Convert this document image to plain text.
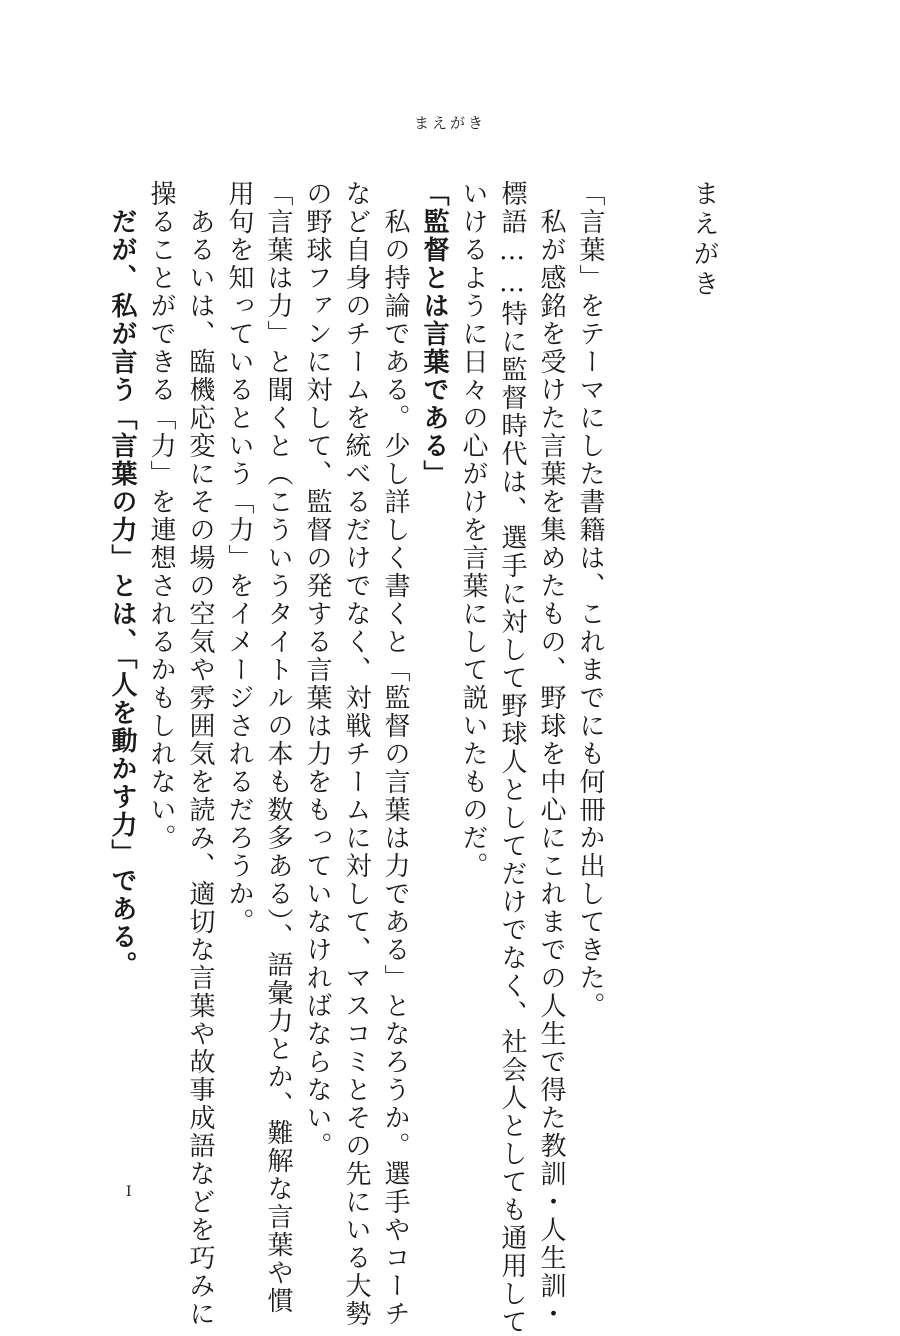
まえがき
まえがき
「言葉」をテーマにした書籍は、これまでにも何冊か出してきた。
　私が感銘を受けた言葉を集めたもの、野球を中心にこれまでの人生で得た教訓・人生訓・
標語……特に監督時代は、選手に対して野球人としてだけでなく、社会人としても通用して
いけるように日々の心がけを言葉にして説いたものだ。
「監督とは言葉である」
　私の持論である。少し詳しく書くと「監督の言葉は力である」となろうか。選手やコーチ
など自身のチームを統べるだけでなく、対戦チームに対して、マスコミとその先にいる大勢
の野球ファンに対して、監督の発する言葉は力をもっていなければならない。
「言葉は力」と聞くと（こういうタイトルの本も数多ある）、語彙力とか、難解な言葉や慣
用句を知っているという「力」をイメージされるだろうか。
　あるいは、臨機応変にその場の空気や雰囲気を読み、適切な言葉や故事成語などを巧みに
操ることができる「力」を連想されるかもしれない。
　だが、私が言う「言葉の力」とは、「人を動かす力」である。
I
